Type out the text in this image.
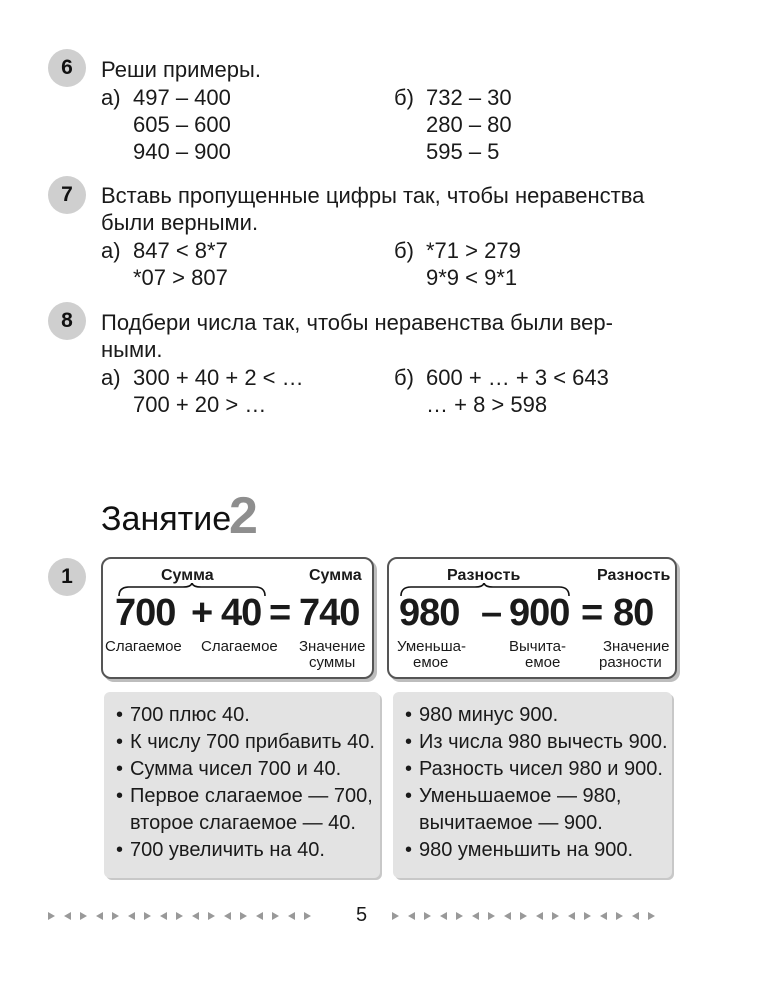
6	Реши примеры.
а) 497 – 400
605 – 600
940 – 900
б) 732 – 30
280 – 80
595 – 5
7	Вставь пропущенные цифры так, чтобы неравенства
были верными.
а) 847 < 8*7
*07 > 807
б) *71 > 279
9*9 < 9*1
8	Подбери числа так, чтобы неравенства были вер-
ными.
а) 300 + 40 + 2 < …
700 + 20 > …
б) 600 + … + 3 < 643
… + 8 > 598
Занятие
2
1	Сумма	Сумма
700 + 40 = 740
Слагаемое Слагаемое Значение
суммы
Разность	Разность
980 – 900 = 80
Уменьша-
емое
Вычита-
емое
Значение
разности
• 700 плюс 40.
• К числу 700 прибавить 40.
• Сумма чисел 700 и 40.
• Первое слагаемое — 700,
второе слагаемое — 40.
• 700 увеличить на 40.
• 980 минус 900.
• Из числа 980 вычесть 900.
• Разность чисел 980 и 900.
• Уменьшаемое — 980,
вычитаемое — 900.
• 980 уменьшить на 900.
5
